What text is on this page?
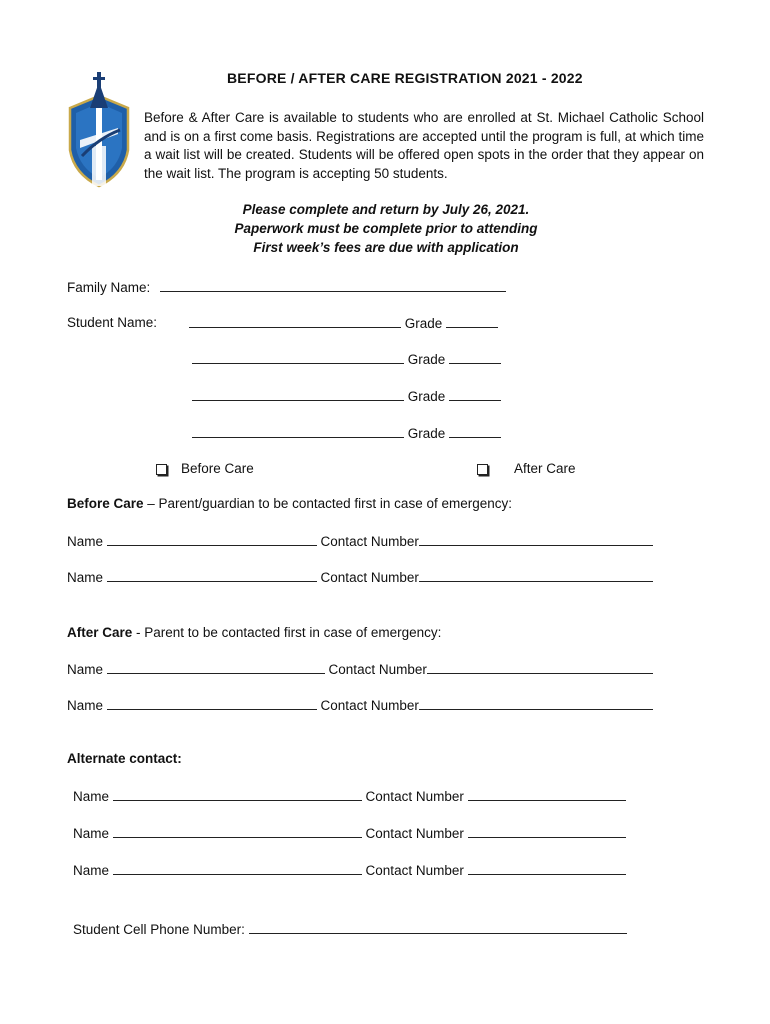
BEFORE / AFTER CARE REGISTRATION 2021 - 2022
Before & After Care is available to students who are enrolled at St. Michael Catholic School and is on a first come basis. Registrations are accepted until the program is full, at which time a wait list will be created. Students will be offered open spots in the order that they appear on the wait list. The program is accepting 50 students.
Please complete and return by July 26, 2021.
Paperwork must be complete prior to attending
First week’s fees are due with application
Family Name:
Student Name:	Grade
Grade
Grade
Grade
Before Care	After Care
Before Care – Parent/guardian to be contacted first in case of emergency:
Name	Contact Number
Name	Contact Number
After Care - Parent to be contacted first in case of emergency:
Name	Contact Number
Name	Contact Number
Alternate contact:
Name	Contact Number
Name	Contact Number
Name	Contact Number
Student Cell Phone Number:
